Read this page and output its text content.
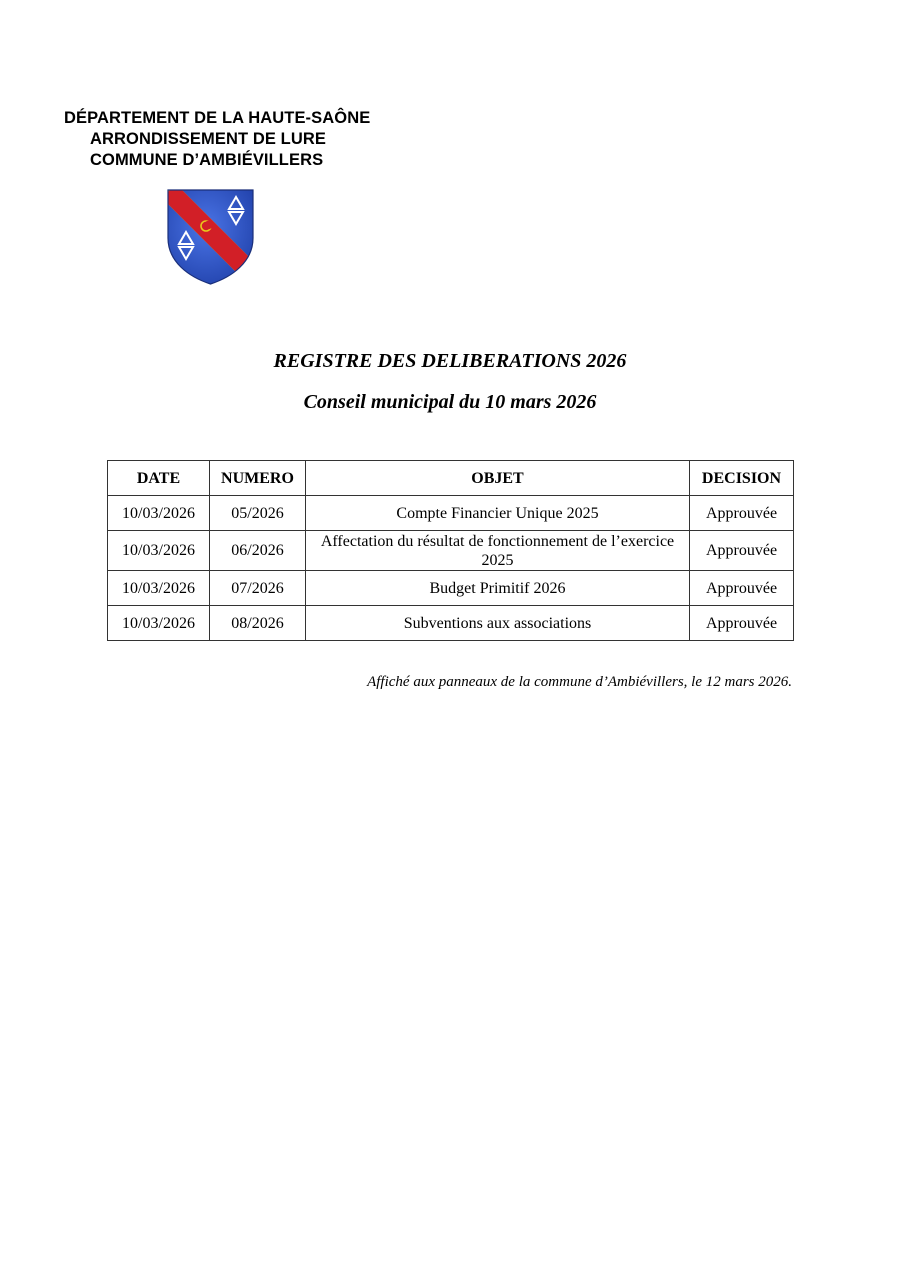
DÉPARTEMENT DE LA HAUTE-SAÔNE
ARRONDISSEMENT DE LURE
COMMUNE D’AMBIÉVILLERS
REGISTRE DES DELIBERATIONS 2026
Conseil municipal du 10 mars 2026
DATE	NUMERO	OBJET	DECISION
10/03/2026	05/2026	Compte Financier Unique 2025	Approuvée
10/03/2026	06/2026	Affectation du résultat de fonctionnement de l’exercice 2025	Approuvée
10/03/2026	07/2026	Budget Primitif 2026	Approuvée
10/03/2026	08/2026	Subventions aux associations	Approuvée
Affiché aux panneaux de la commune d’Ambiévillers, le 12 mars 2026.
